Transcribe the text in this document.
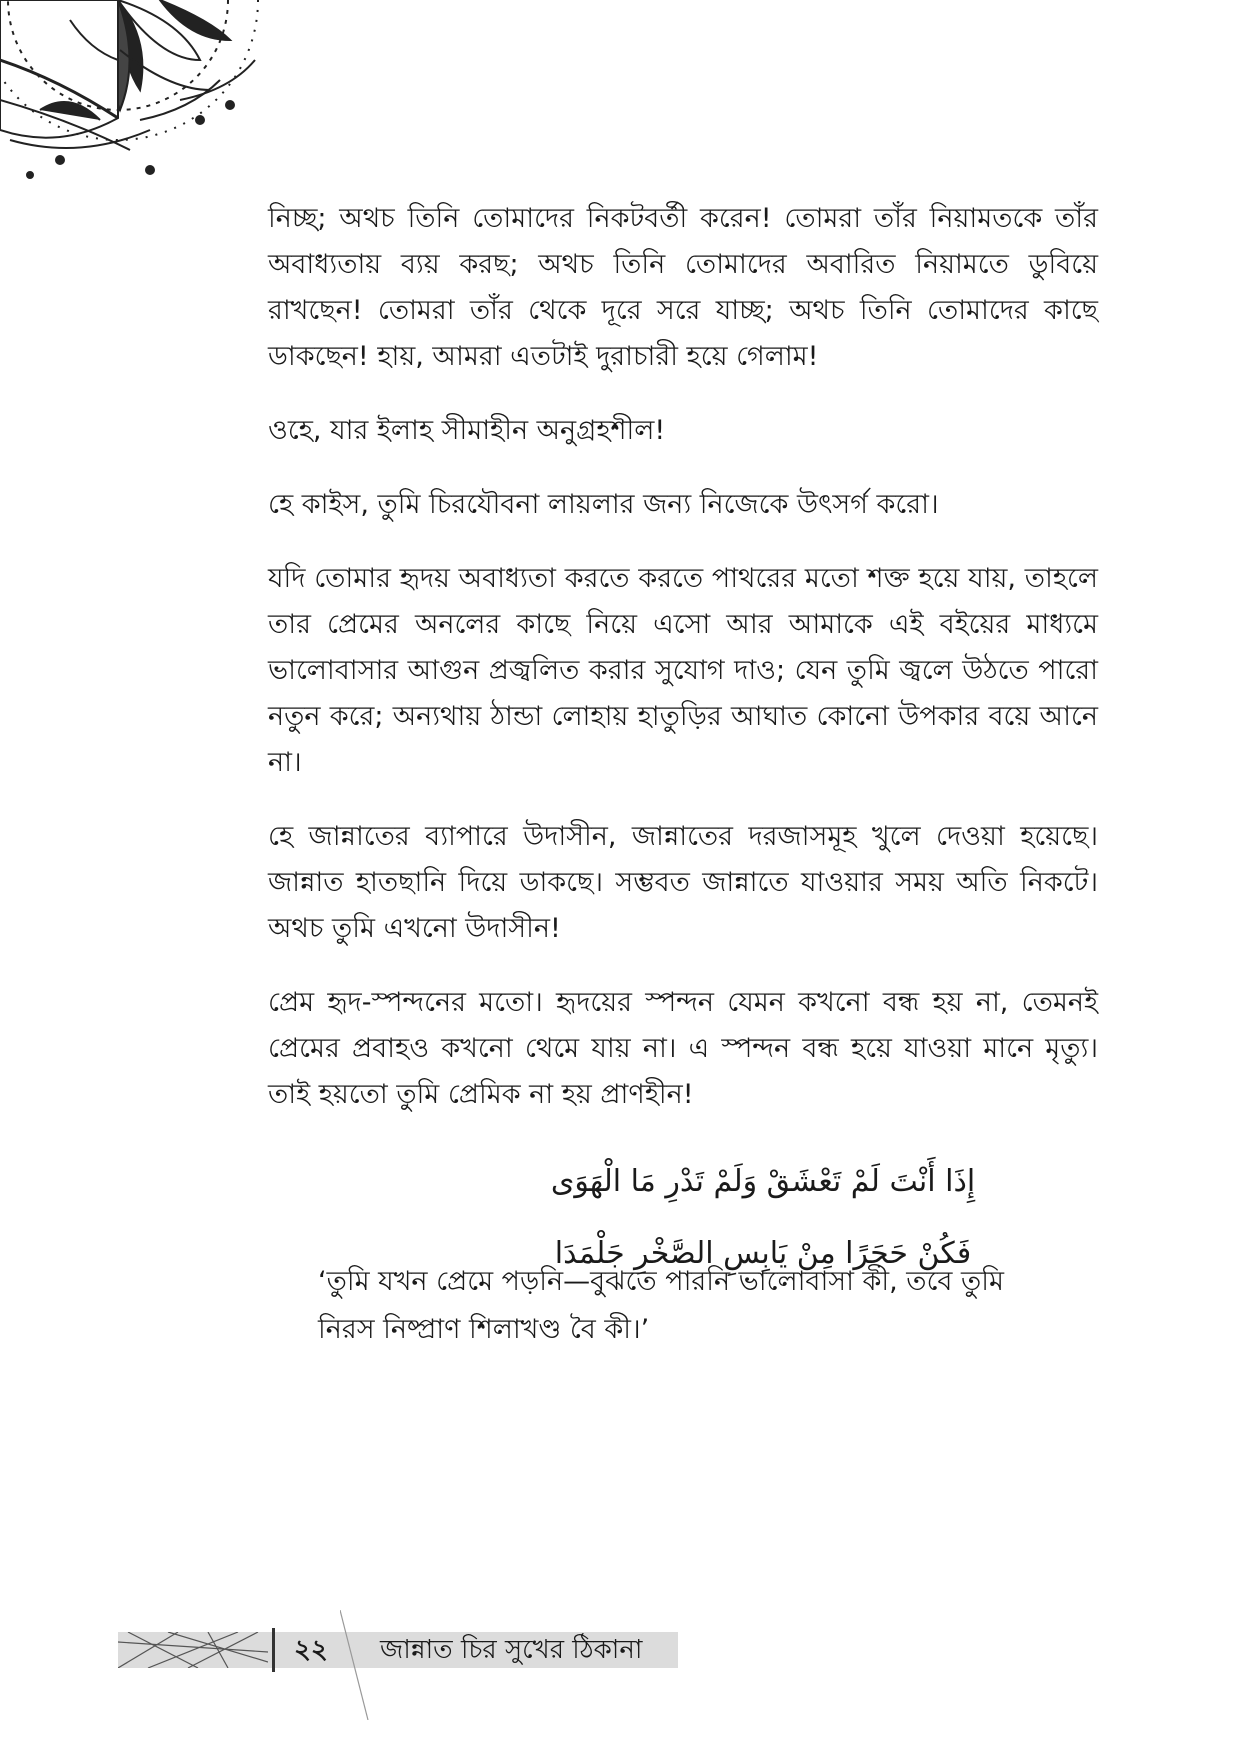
নিচ্ছ; অথচ তিনি তোমাদের নিকটবর্তী করেন! তোমরা তাঁর নিয়ামতকে তাঁর অবাধ্যতায় ব্যয় করছ; অথচ তিনি তোমাদের অবারিত নিয়ামতে ডুবিয়ে রাখছেন! তোমরা তাঁর থেকে দূরে সরে যাচ্ছ; অথচ তিনি তোমাদের কাছে ডাকছেন! হায়, আমরা এতটাই দুরাচারী হয়ে গেলাম!

ওহে, যার ইলাহ সীমাহীন অনুগ্রহশীল!

হে কাইস, তুমি চিরযৌবনা লায়লার জন্য নিজেকে উৎসর্গ করো।

যদি তোমার হৃদয় অবাধ্যতা করতে করতে পাথরের মতো শক্ত হয়ে যায়, তাহলে তার প্রেমের অনলের কাছে নিয়ে এসো আর আমাকে এই বইয়ের মাধ্যমে ভালোবাসার আগুন প্রজ্বলিত করার সুযোগ দাও; যেন তুমি জ্বলে উঠতে পারো নতুন করে; অন্যথায় ঠান্ডা লোহায় হাতুড়ির আঘাত কোনো উপকার বয়ে আনে না।

হে জান্নাতের ব্যাপারে উদাসীন, জান্নাতের দরজাসমূহ খুলে দেওয়া হয়েছে। জান্নাত হাতছানি দিয়ে ডাকছে। সম্ভবত জান্নাতে যাওয়ার সময় অতি নিকটে। অথচ তুমি এখনো উদাসীন!

প্রেম হৃদ-স্পন্দনের মতো। হৃদয়ের স্পন্দন যেমন কখনো বন্ধ হয় না, তেমনই প্রেমের প্রবাহও কখনো থেমে যায় না। এ স্পন্দন বন্ধ হয়ে যাওয়া মানে মৃত্যু। তাই হয়তো তুমি প্রেমিক না হয় প্রাণহীন!

إِذَا أَنْتَ لَمْ تَعْشَقْ وَلَمْ تَدْرِ مَا الْهَوَى
فَكُنْ حَجَرًا مِنْ يَابِسِ الصَّخْرِ جَلْمَدَا
‘তুমি যখন প্রেমে পড়নি—বুঝতে পারনি ভালোবাসা কী, তবে তুমি
নিরস নিষ্প্রাণ শিলাখণ্ড বৈ কী।’
২২ জান্নাত চির সুখের ঠিকানা
